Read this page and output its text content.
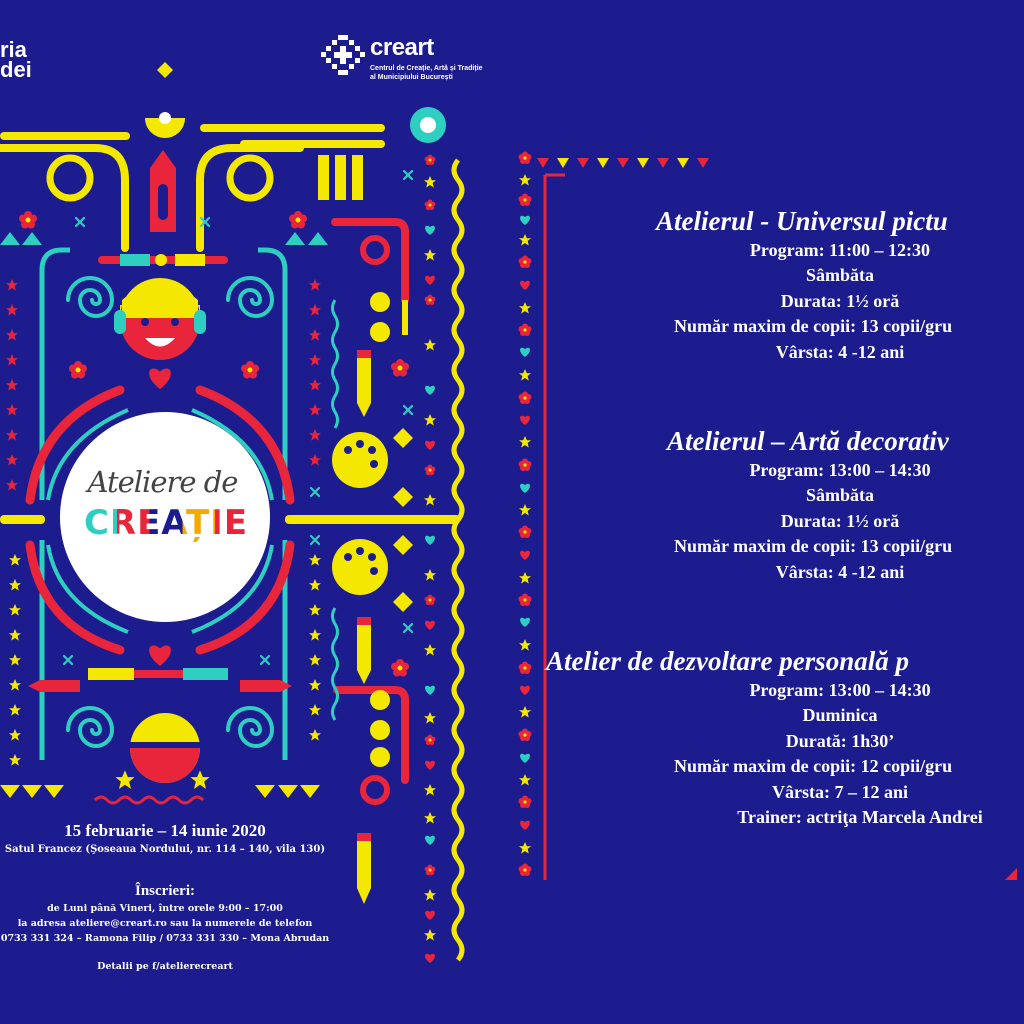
ria
dei
creart
Centrul de Creație, Artă și Tradiție al Municipiului București
Ateliere de
CREAȚIE
15 februarie – 14 iunie 2020
Satul Francez (Şoseaua Nordului, nr. 114 – 140, vila 130)
Înscrieri:
de Luni până Vineri, între orele 9:00 – 17:00
la adresa ateliere@creart.ro sau la numerele de telefon
0733 331 324 – Ramona Filip / 0733 331 330 – Mona Abrudan
Detalii pe f/atelierecreart
Atelierul - Universul pictu
Program: 11:00 – 12:30
Sâmbăta
Durata: 1½ oră
Număr maxim de copii: 13 copii/gru
Vârsta: 4 -12 ani
Atelierul – Artă decorativ
Program: 13:00 – 14:30
Sâmbăta
Durata: 1½ oră
Număr maxim de copii: 13 copii/gru
Vârsta: 4 -12 ani
Atelier de dezvoltare personală p
Program: 13:00 – 14:30
Duminica
Durată: 1h30’
Număr maxim de copii: 12 copii/gru
Vârsta: 7 – 12 ani
Trainer: actriţa Marcela Andrei
